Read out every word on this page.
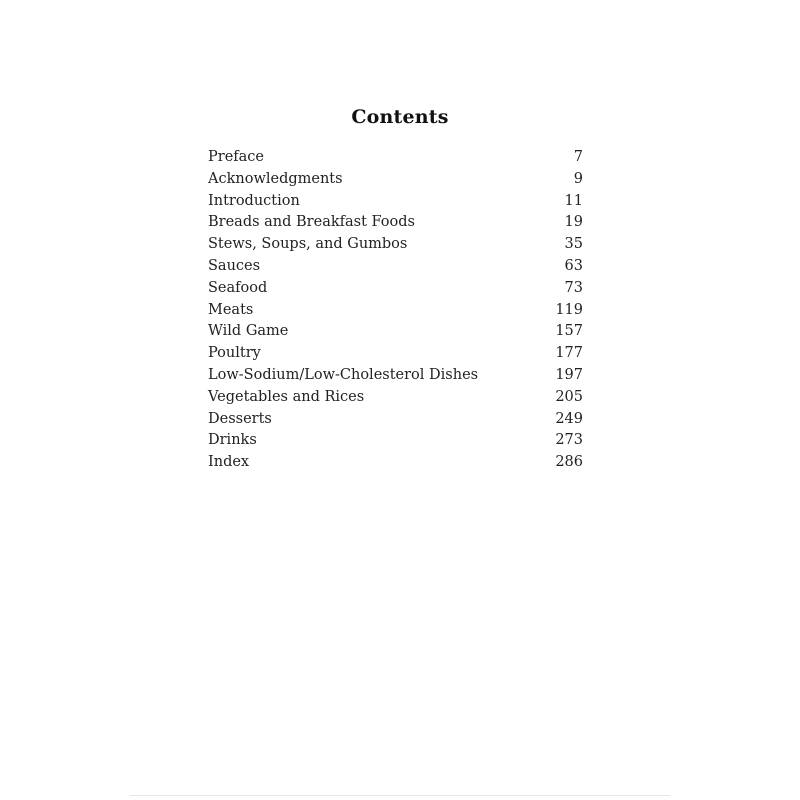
Contents
Preface	7
Acknowledgments	9
Introduction	11
Breads and Breakfast Foods	19
Stews, Soups, and Gumbos	35
Sauces	63
Seafood	73
Meats	119
Wild Game	157
Poultry	177
Low-Sodium/Low-Cholesterol Dishes	197
Vegetables and Rices	205
Desserts	249
Drinks	273
Index	286
